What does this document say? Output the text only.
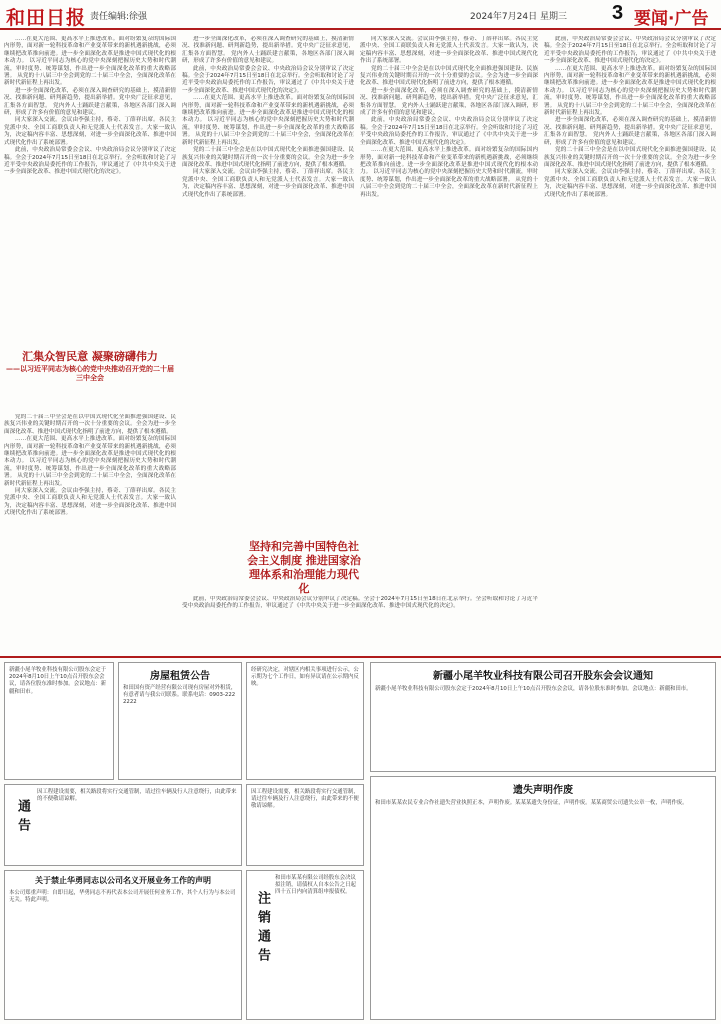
和田日报 责任编辑:徐强	2024年7月24日 星期三 3 要闻·广告

……在更大范围、更高水平上推进改革。面对纷繁复杂的国际国内形势，面对新一轮科技革命和产业变革带来的新机遇新挑战，必须继续把改革推向前进。进一步全面深化改革是推进中国式现代化的根本动力。 以习近平同志为核心的党中央深刻把握历史大势和时代潮流，审时度势、统筹谋划，作出进一步全面深化改革的重大战略部署。 从党的十八届三中全会到党的二十届三中全会，全面深化改革在新时代新征程上再出发。

进一步全面深化改革，必须在深入调查研究的基础上，摸清新情况、找准新问题、研判新趋势，提出新举措。党中央广泛征求意见，汇集各方面智慧。 党内外人士踊跃建言献策，各地区各部门深入调研，形成了许多有价值的意见和建议。

同大家深入交流。会议由李强主持，蔡奇、丁薛祥出席。各民主党派中央、全国工商联负责人和无党派人士代表发言。大家一致认为，决定稿内容丰富、思想深刻，对进一步全面深化改革、推进中国式现代化作出了系统部署。

此前，中央政治局常委会会议、中央政治局会议分别审议了决定稿。全会于2024年7月15日至18日在北京举行。全会听取和讨论了习近平受中央政治局委托作的工作报告，审议通过了《中共中央关于进一步全面深化改革、推进中国式现代化的决定》。

汇集众智民意 凝聚磅礴伟力
——以习近平同志为核心的党中央推动召开党的二十届三中全会

党的二十届三中全会是在以中国式现代化全面推进强国建设、民族复兴伟业的关键时期召开的一次十分重要的会议。全会为进一步全面深化改革、推进中国式现代化指明了前进方向，提供了根本遵循。

……在更大范围、更高水平上推进改革。面对纷繁复杂的国际国内形势，面对新一轮科技革命和产业变革带来的新机遇新挑战，必须继续把改革推向前进。进一步全面深化改革是推进中国式现代化的根本动力。 以习近平同志为核心的党中央深刻把握历史大势和时代潮流，审时度势、统筹谋划，作出进一步全面深化改革的重大战略部署。 从党的十八届三中全会到党的二十届三中全会，全面深化改革在新时代新征程上再出发。

同大家深入交流。会议由李强主持，蔡奇、丁薛祥出席。各民主党派中央、全国工商联负责人和无党派人士代表发言。大家一致认为，决定稿内容丰富、思想深刻，对进一步全面深化改革、推进中国式现代化作出了系统部署。

进一步全面深化改革，必须在深入调查研究的基础上，摸清新情况、找准新问题、研判新趋势，提出新举措。党中央广泛征求意见，汇集各方面智慧。 党内外人士踊跃建言献策，各地区各部门深入调研，形成了许多有价值的意见和建议。

此前，中央政治局常委会会议、中央政治局会议分别审议了决定稿。全会于2024年7月15日至18日在北京举行。全会听取和讨论了习近平受中央政治局委托作的工作报告，审议通过了《中共中央关于进一步全面深化改革、推进中国式现代化的决定》。

……在更大范围、更高水平上推进改革。面对纷繁复杂的国际国内形势，面对新一轮科技革命和产业变革带来的新机遇新挑战，必须继续把改革推向前进。进一步全面深化改革是推进中国式现代化的根本动力。 以习近平同志为核心的党中央深刻把握历史大势和时代潮流，审时度势、统筹谋划，作出进一步全面深化改革的重大战略部署。 从党的十八届三中全会到党的二十届三中全会，全面深化改革在新时代新征程上再出发。

党的二十届三中全会是在以中国式现代化全面推进强国建设、民族复兴伟业的关键时期召开的一次十分重要的会议。全会为进一步全面深化改革、推进中国式现代化指明了前进方向，提供了根本遵循。

同大家深入交流。会议由李强主持，蔡奇、丁薛祥出席。各民主党派中央、全国工商联负责人和无党派人士代表发言。大家一致认为，决定稿内容丰富、思想深刻，对进一步全面深化改革、推进中国式现代化作出了系统部署。

同大家深入交流。会议由李强主持，蔡奇、丁薛祥出席。各民主党派中央、全国工商联负责人和无党派人士代表发言。大家一致认为，决定稿内容丰富、思想深刻，对进一步全面深化改革、推进中国式现代化作出了系统部署。

党的二十届三中全会是在以中国式现代化全面推进强国建设、民族复兴伟业的关键时期召开的一次十分重要的会议。全会为进一步全面深化改革、推进中国式现代化指明了前进方向，提供了根本遵循。

进一步全面深化改革，必须在深入调查研究的基础上，摸清新情况、找准新问题、研判新趋势，提出新举措。党中央广泛征求意见，汇集各方面智慧。 党内外人士踊跃建言献策，各地区各部门深入调研，形成了许多有价值的意见和建议。

此前，中央政治局常委会会议、中央政治局会议分别审议了决定稿。全会于2024年7月15日至18日在北京举行。全会听取和讨论了习近平受中央政治局委托作的工作报告，审议通过了《中共中央关于进一步全面深化改革、推进中国式现代化的决定》。

……在更大范围、更高水平上推进改革。面对纷繁复杂的国际国内形势，面对新一轮科技革命和产业变革带来的新机遇新挑战，必须继续把改革推向前进。进一步全面深化改革是推进中国式现代化的根本动力。 以习近平同志为核心的党中央深刻把握历史大势和时代潮流，审时度势、统筹谋划，作出进一步全面深化改革的重大战略部署。 从党的十八届三中全会到党的二十届三中全会，全面深化改革在新时代新征程上再出发。

坚持和完善中国特色社会主义制度 推进国家治理体系和治理能力现代化

此前，中央政治局常委会会议、中央政治局会议分别审议了决定稿。全会于2024年7月15日至18日在北京举行。全会听取和讨论了习近平受中央政治局委托作的工作报告，审议通过了《中共中央关于进一步全面深化改革、推进中国式现代化的决定》。

此前，中央政治局常委会会议、中央政治局会议分别审议了决定稿。全会于2024年7月15日至18日在北京举行。全会听取和讨论了习近平受中央政治局委托作的工作报告，审议通过了《中共中央关于进一步全面深化改革、推进中国式现代化的决定》。

……在更大范围、更高水平上推进改革。面对纷繁复杂的国际国内形势，面对新一轮科技革命和产业变革带来的新机遇新挑战，必须继续把改革推向前进。进一步全面深化改革是推进中国式现代化的根本动力。 以习近平同志为核心的党中央深刻把握历史大势和时代潮流，审时度势、统筹谋划，作出进一步全面深化改革的重大战略部署。 从党的十八届三中全会到党的二十届三中全会，全面深化改革在新时代新征程上再出发。

进一步全面深化改革，必须在深入调查研究的基础上，摸清新情况、找准新问题、研判新趋势，提出新举措。党中央广泛征求意见，汇集各方面智慧。 党内外人士踊跃建言献策，各地区各部门深入调研，形成了许多有价值的意见和建议。

党的二十届三中全会是在以中国式现代化全面推进强国建设、民族复兴伟业的关键时期召开的一次十分重要的会议。全会为进一步全面深化改革、推进中国式现代化指明了前进方向，提供了根本遵循。

同大家深入交流。会议由李强主持，蔡奇、丁薛祥出席。各民主党派中央、全国工商联负责人和无党派人士代表发言。大家一致认为，决定稿内容丰富、思想深刻，对进一步全面深化改革、推进中国式现代化作出了系统部署。

新疆小尾羊牧业科技有限公司股东会定于2024年8月10日上午10点召开股东会会议，请各位股东准时参加。会议地点：新疆和田市。
房屋租赁公告
和田国有资产经营有限公司现有房屋对外租赁，有意者请与我公司联系。联系电话：0903-2222222
经研究决定，对辖区内相关事项进行公示，公示期为七个工作日，如有异议请在公示期内反映。
新疆小尾羊牧业科技有限公司召开股东会会议通知
新疆小尾羊牧业科技有限公司股东会定于2024年8月10日上午10点召开股东会会议，请各位股东准时参加。会议地点：新疆和田市。
通告
因工程建设需要，相关路段将实行交通管制，请过往车辆及行人注意绕行，由此带来的不便敬请谅解。
因工程建设需要，相关路段将实行交通管制，请过往车辆及行人注意绕行，由此带来的不便敬请谅解。
遗失声明作废
和田市某某农民专业合作社遗失营业执照正本，声明作废。某某某遗失身份证，声明作废。某某商贸公司遗失公章一枚，声明作废。
关于禁止华勇同志以公司名义开展业务工作的声明
本公司郑重声明：自即日起，华勇同志不再代表本公司开展任何业务工作，其个人行为与本公司无关。特此声明。	注销通告
和田市某某有限公司经股东会决议拟注销，请债权人自本公告之日起四十五日内向清算组申报债权。
